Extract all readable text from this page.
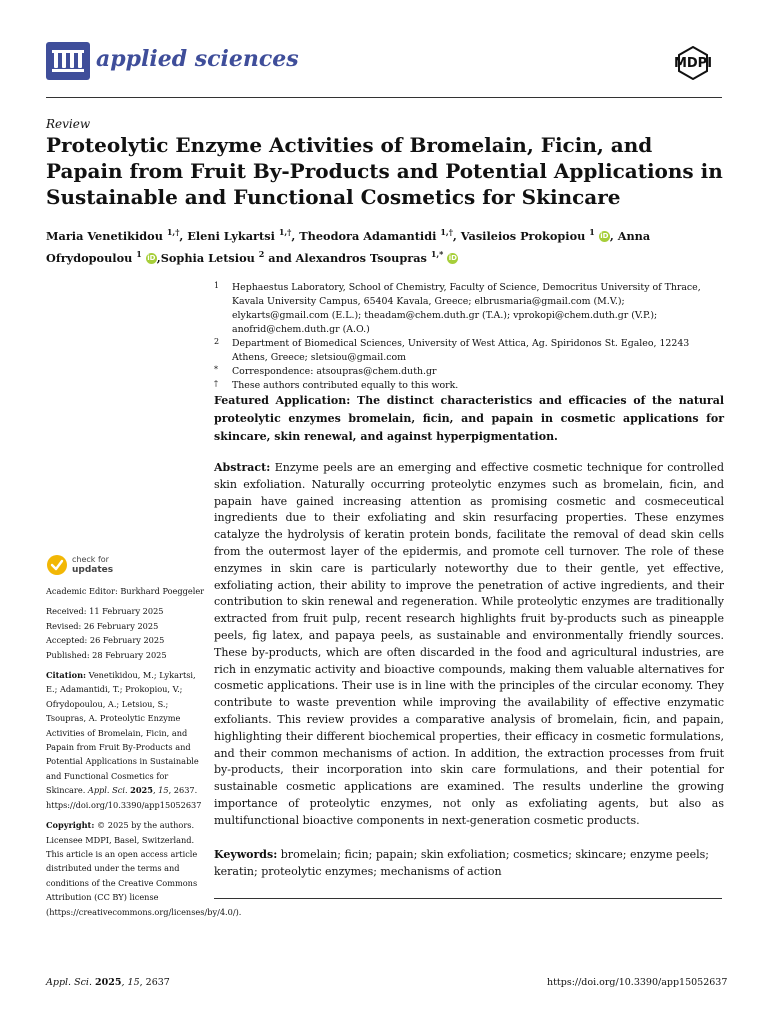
applied sciences	MDPI
Review
Proteolytic Enzyme Activities of Bromelain, Ficin, and Papain from Fruit By-Products and Potential Applications in Sustainable and Functional Cosmetics for Skincare
Maria Venetikidou $^{1,\dagger}$, Eleni Lykartsi $^{1,\dagger}$, Theodora Adamantidi $^{1,\dagger}$, Vasileios Prokopiou $^1$ iD, Anna Ofrydopoulou $^1$ iD,Sophia Letsiou $^2$ and Alexandros Tsoupras $^{1,*}$ iD
1 Hephaestus Laboratory, School of Chemistry, Faculty of Science, Democritus University of Thrace, Kavala University Campus, 65404 Kavala, Greece; elbrusmaria@gmail.com (M.V.); elykarts@gmail.com (E.L.); theadam@chem.duth.gr (T.A.); vprokopi@chem.duth.gr (V.P.); anofrid@chem.duth.gr (A.O.)
2 Department of Biomedical Sciences, University of West Attica, Ag. Spiridonos St. Egaleo, 12243 Athens, Greece; sletsiou@gmail.com
* Correspondence: atsoupras@chem.duth.gr
† These authors contributed equally to this work.
Featured Application: The distinct characteristics and efficacies of the natural proteolytic enzymes bromelain, ficin, and papain in cosmetic applications for skincare, skin renewal, and against hyperpigmentation.
Abstract: Enzyme peels are an emerging and effective cosmetic technique for controlled skin exfoliation. Naturally occurring proteolytic enzymes such as bromelain, ficin, and papain have gained increasing attention as promising cosmetic and cosmeceutical ingredients due to their exfoliating and skin resurfacing properties. These enzymes catalyze the hydrolysis of keratin protein bonds, facilitate the removal of dead skin cells from the outermost layer of the epidermis, and promote cell turnover. The role of these enzymes in skin care is particularly noteworthy due to their gentle, yet effective, exfoliating action, their ability to improve the penetration of active ingredients, and their contribution to skin renewal and regeneration. While proteolytic enzymes are traditionally extracted from fruit pulp, recent research highlights fruit by-products such as pineapple peels, fig latex, and papaya peels, as sustainable and environmentally friendly sources. These by-products, which are often discarded in the food and agricultural industries, are rich in enzymatic activity and bioactive compounds, making them valuable alternatives for cosmetic applications. Their use is in line with the principles of the circular economy. They contribute to waste prevention while improving the availability of effective enzymatic exfoliants. This review provides a comparative analysis of bromelain, ficin, and papain, highlighting their different biochemical properties, their efficacy in cosmetic formulations, and their common mechanisms of action. In addition, the extraction processes from fruit by-products, their incorporation into skin care formulations, and their potential for sustainable cosmetic applications are examined. The results underline the growing importance of proteolytic enzymes, not only as exfoliating agents, but also as multifunctional bioactive components in next-generation cosmetic products.
Keywords: bromelain; ficin; papain; skin exfoliation; cosmetics; skincare; enzyme peels; keratin; proteolytic enzymes; mechanisms of action
check for
updates
Academic Editor: Burkhard Poeggeler
Received: 11 February 2025
Revised: 26 February 2025
Accepted: 26 February 2025
Published: 28 February 2025
Citation: Venetikidou, M.; Lykartsi, E.; Adamantidi, T.; Prokopiou, V.; Ofrydopoulou, A.; Letsiou, S.; Tsoupras, A. Proteolytic Enzyme Activities of Bromelain, Ficin, and Papain from Fruit By-Products and Potential Applications in Sustainable and Functional Cosmetics for Skincare. Appl. Sci. 2025, 15, 2637. https://doi.org/10.3390/app15052637
Copyright: © 2025 by the authors. Licensee MDPI, Basel, Switzerland. This article is an open access article distributed under the terms and conditions of the Creative Commons Attribution (CC BY) license (https://creativecommons.org/licenses/by/4.0/).
Appl. Sci. 2025, 15, 2637	https://doi.org/10.3390/app15052637
